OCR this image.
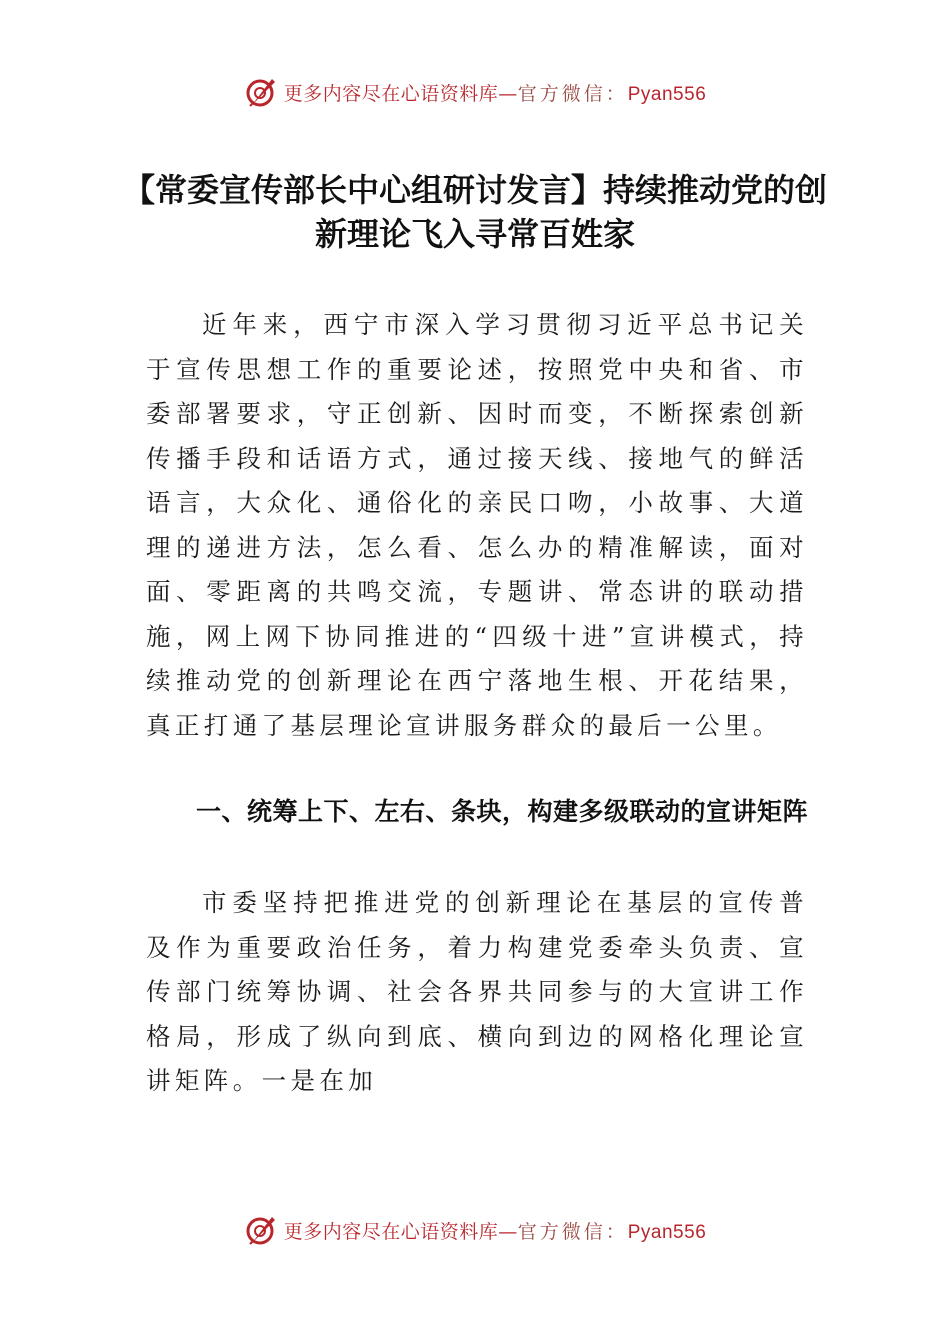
更多内容尽在心语资料库—官方微信：Pyan556
【常委宣传部长中心组研讨发言】持续推动党的创新理论飞入寻常百姓家

近年来，西宁市深入学习贯彻习近平总书记关于宣传思想工作的重要论述，按照党中央和省、市委部署要求，守正创新、因时而变，不断探索创新传播手段和话语方式，通过接天线、接地气的鲜活语言，大众化、通俗化的亲民口吻，小故事、大道理的递进方法，怎么看、怎么办的精准解读，面对面、零距离的共鸣交流，专题讲、常态讲的联动措施，网上网下协同推进的“四级十进”宣讲模式，持续推动党的创新理论在西宁落地生根、开花结果，真正打通了基层理论宣讲服务群众的最后一公里。

一、统筹上下、左右、条块，构建多级联动的宣讲矩阵

市委坚持把推进党的创新理论在基层的宣传普及作为重要政治任务，着力构建党委牵头负责、宣传部门统筹协调、社会各界共同参与的大宣讲工作格局，形成了纵向到底、横向到边的网格化理论宣讲矩阵。一是在加

更多内容尽在心语资料库—官方微信：Pyan556
